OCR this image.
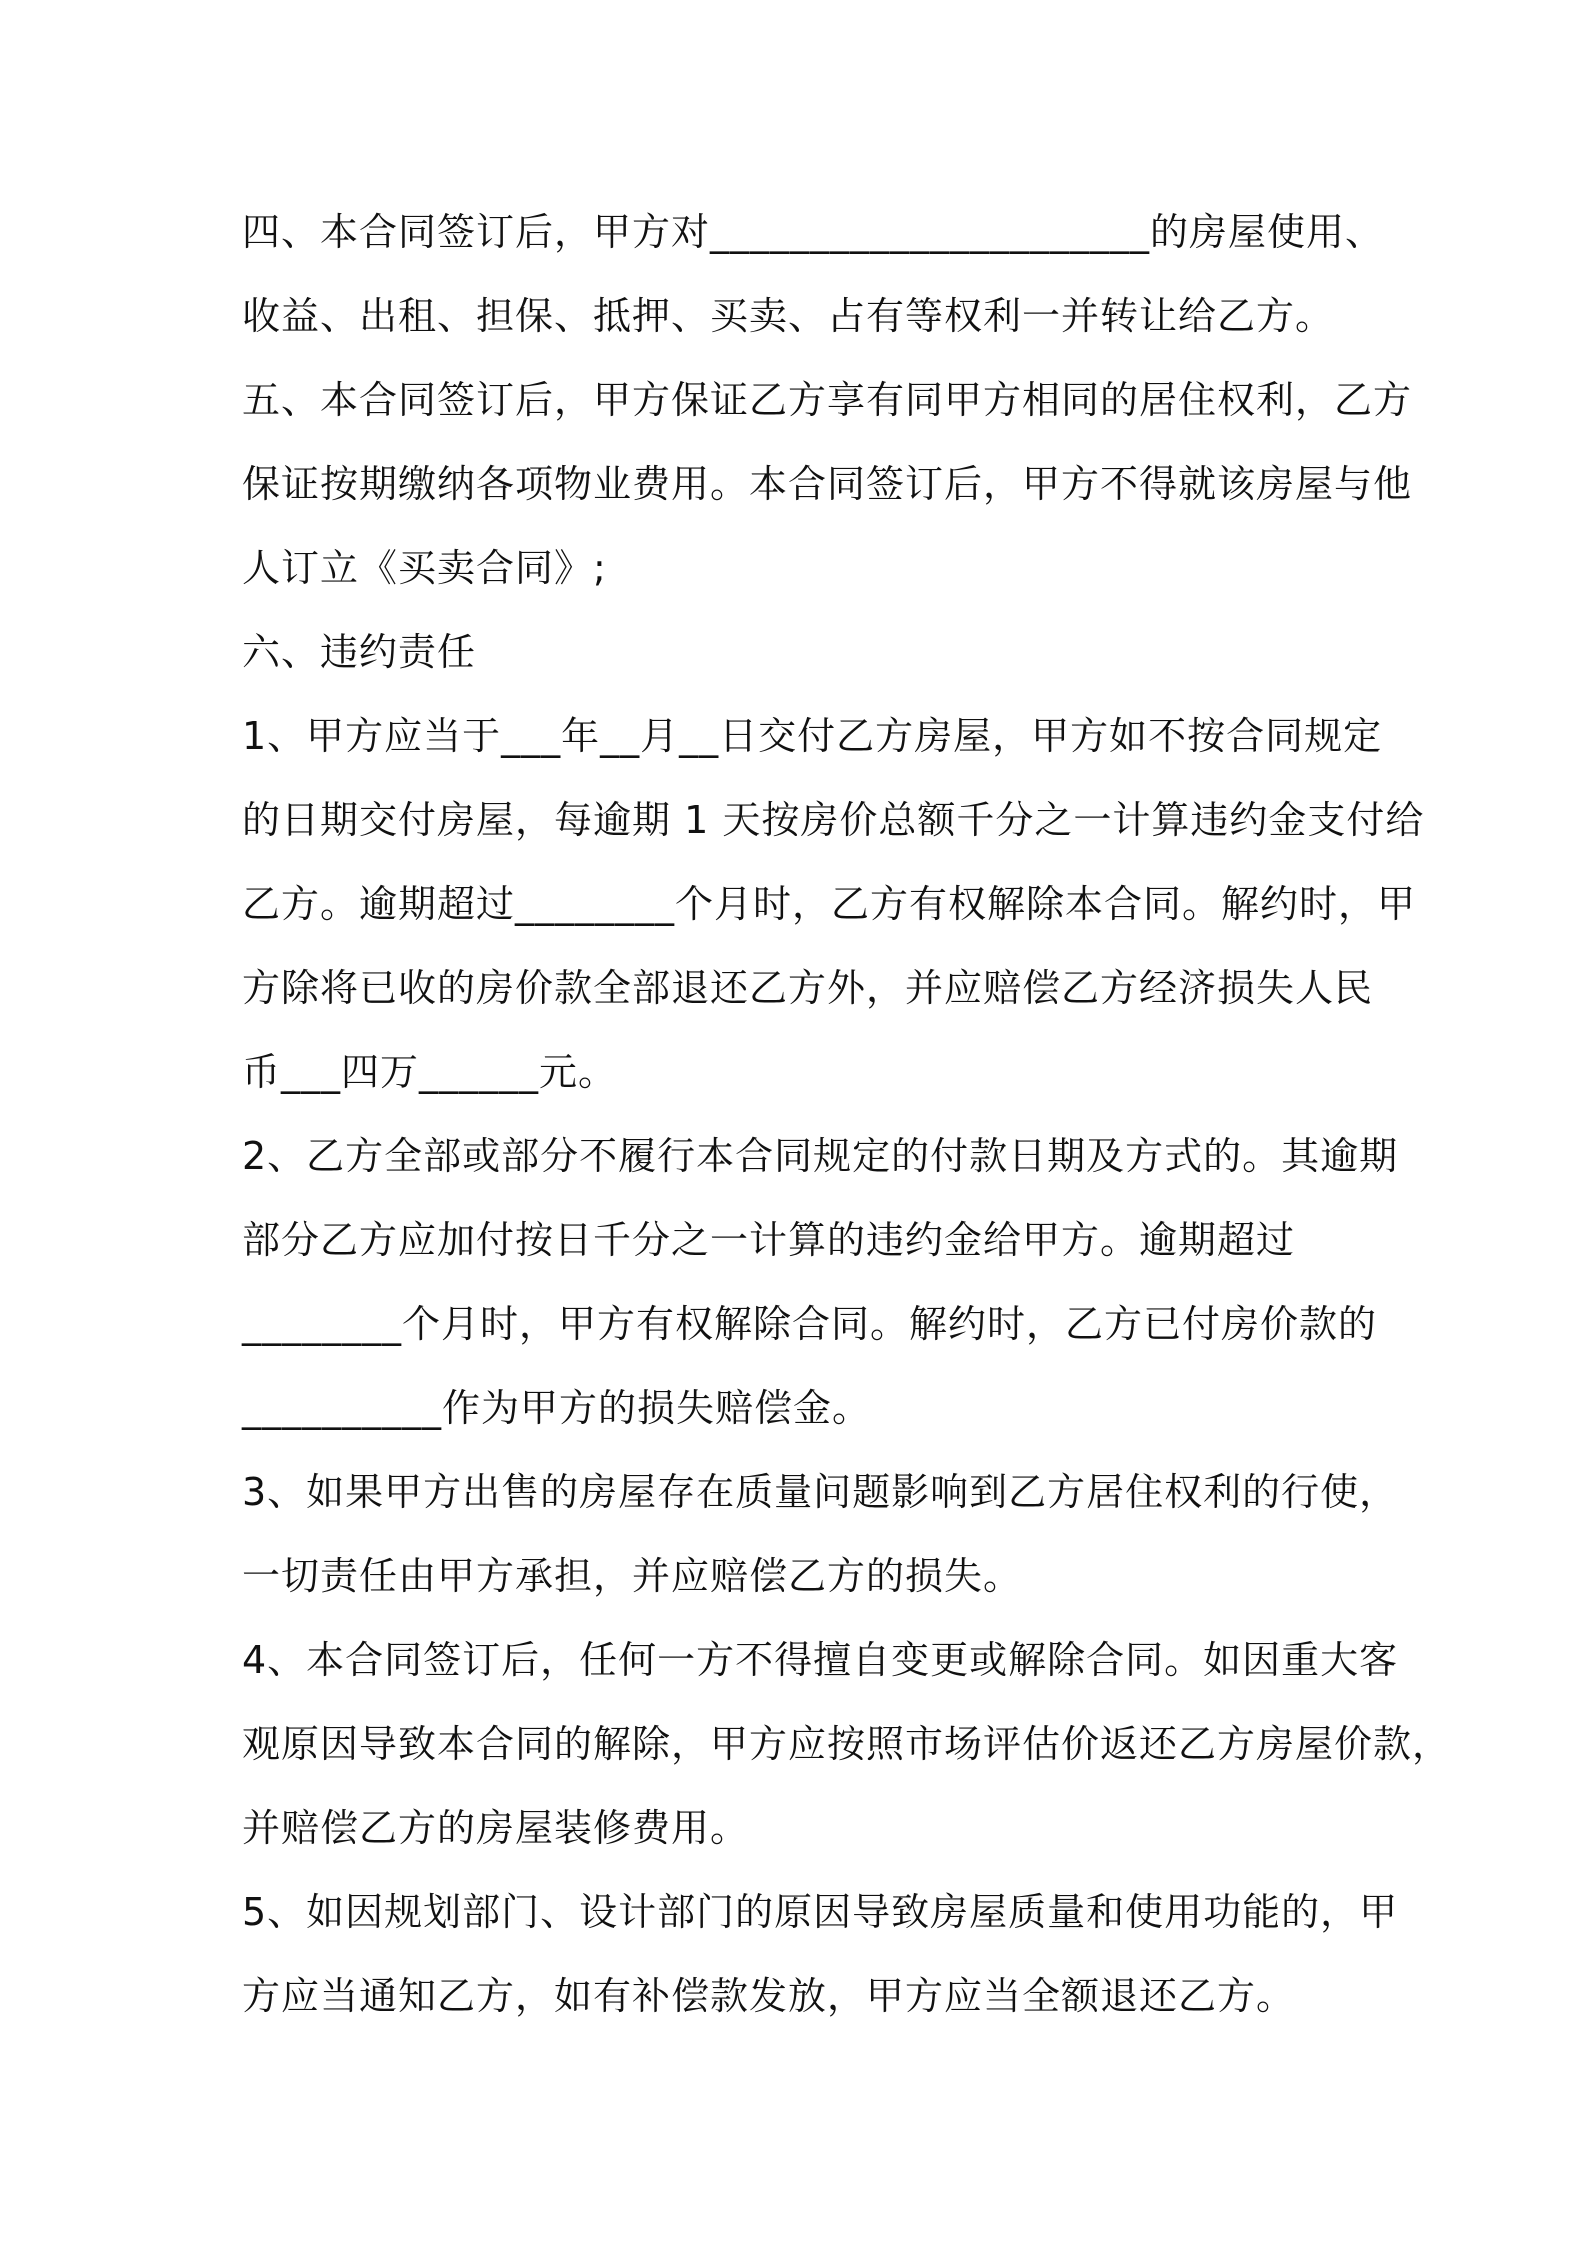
四、本合同签订后，甲方对______________________的房屋使用、
收益、出租、担保、抵押、买卖、占有等权利一并转让给乙方。
五、本合同签订后，甲方保证乙方享有同甲方相同的居住权利，乙方
保证按期缴纳各项物业费用。本合同签订后，甲方不得就该房屋与他
人订立《买卖合同》;
六、违约责任
1、甲方应当于___年__月__日交付乙方房屋，甲方如不按合同规定
的日期交付房屋，每逾期 1 天按房价总额千分之一计算违约金支付给
乙方。逾期超过________个月时，乙方有权解除本合同。解约时，甲
方除将已收的房价款全部退还乙方外，并应赔偿乙方经济损失人民
币___四万______元。
2、乙方全部或部分不履行本合同规定的付款日期及方式的。其逾期
部分乙方应加付按日千分之一计算的违约金给甲方。逾期超过
________个月时，甲方有权解除合同。解约时，乙方已付房价款的
__________作为甲方的损失赔偿金。
3、如果甲方出售的房屋存在质量问题影响到乙方居住权利的行使，
一切责任由甲方承担，并应赔偿乙方的损失。
4、本合同签订后，任何一方不得擅自变更或解除合同。如因重大客
观原因导致本合同的解除，甲方应按照市场评估价返还乙方房屋价款，
并赔偿乙方的房屋装修费用。
5、如因规划部门、设计部门的原因导致房屋质量和使用功能的，甲
方应当通知乙方，如有补偿款发放，甲方应当全额退还乙方。
